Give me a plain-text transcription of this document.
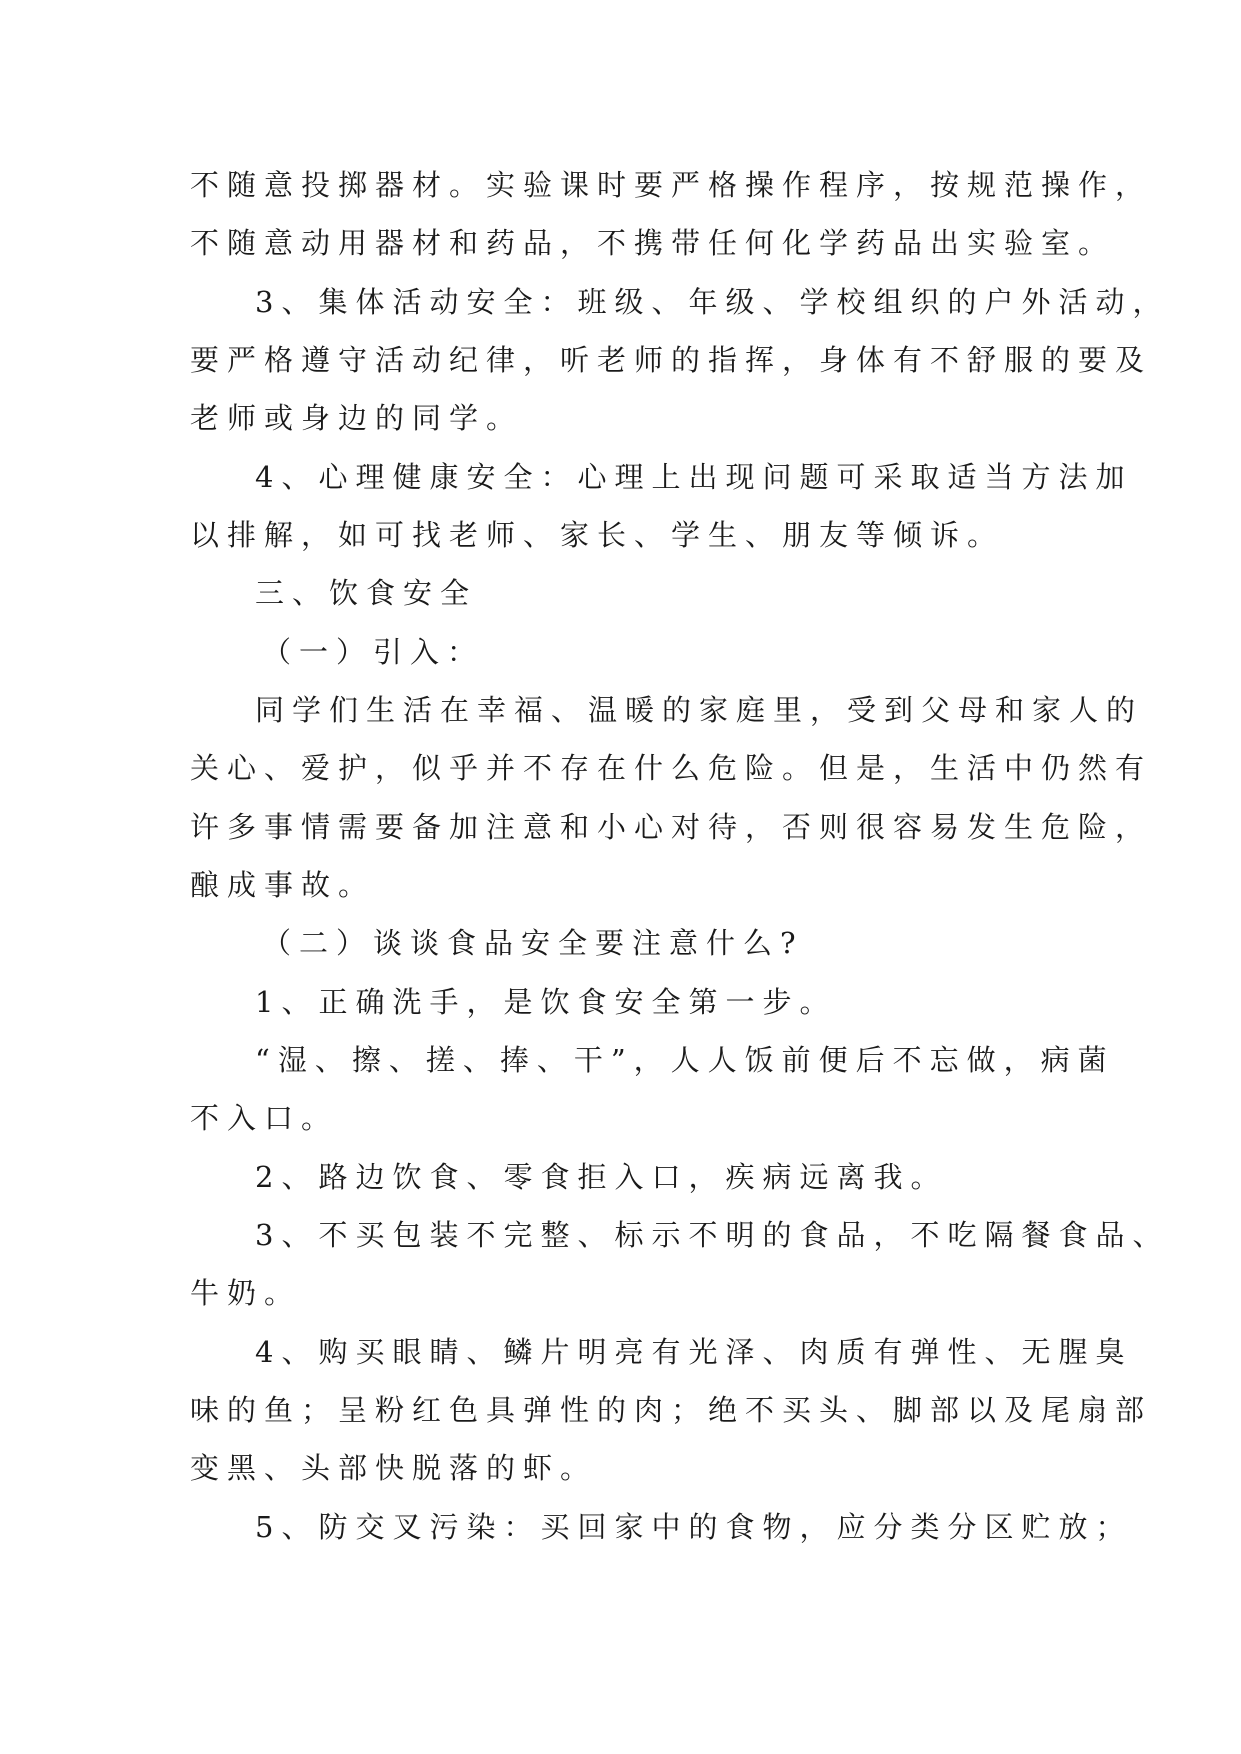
不随意投掷器材。实验课时要严格操作程序，按规范操作，
不随意动用器材和药品，不携带任何化学药品出实验室。
3、集体活动安全：班级、年级、学校组织的户外活动，
要严格遵守活动纪律，听老师的指挥，身体有不舒服的要及
老师或身边的同学。
4、心理健康安全：心理上出现问题可采取适当方法加
以排解，如可找老师、家长、学生、朋友等倾诉。
三、饮食安全
（一）引入：
同学们生活在幸福、温暖的家庭里，受到父母和家人的
关心、爱护，似乎并不存在什么危险。但是，生活中仍然有
许多事情需要备加注意和小心对待，否则很容易发生危险，
酿成事故。
（二）谈谈食品安全要注意什么?
1、正确洗手，是饮食安全第一步。
“湿、擦、搓、捧、干”，人人饭前便后不忘做，病菌
不入口。
2、路边饮食、零食拒入口，疾病远离我。
3、不买包装不完整、标示不明的食品，不吃隔餐食品、
牛奶。
4、购买眼睛、鳞片明亮有光泽、肉质有弹性、无腥臭
味的鱼；呈粉红色具弹性的肉；绝不买头、脚部以及尾扇部
变黑、头部快脱落的虾。
5、防交叉污染：买回家中的食物，应分类分区贮放；
